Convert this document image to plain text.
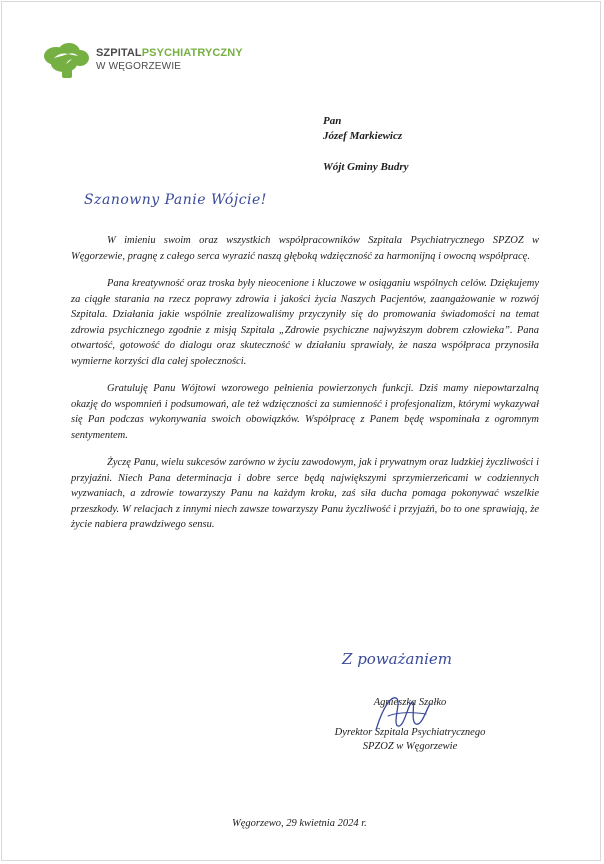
SZPITALPSYCHIATRYCZNY
W WĘGORZEWIE
Pan
Józef Markiewicz
Wójt Gminy Budry
Szanowny Panie Wójcie!

W imieniu swoim oraz wszystkich współpracowników Szpitala Psychiatrycznego SPZOZ w Węgorzewie, pragnę z całego serca wyrazić naszą głęboką wdzięczność za harmonijną i owocną współpracę.

Pana kreatywność oraz troska były nieocenione i kluczowe w osiąganiu wspólnych celów. Dziękujemy za ciągłe starania na rzecz poprawy zdrowia i jakości życia Naszych Pacjentów, zaangażowanie w rozwój Szpitala. Działania jakie wspólnie zrealizowaliśmy przyczyniły się do promowania świadomości na temat zdrowia psychicznego zgodnie z misją Szpitala „Zdrowie psychiczne najwyższym dobrem człowieka”. Pana otwartość, gotowość do dialogu oraz skuteczność w działaniu sprawiały, że nasza współpraca przynosiła wymierne korzyści dla całej społeczności.

Gratuluję Panu Wójtowi wzorowego pełnienia powierzonych funkcji. Dziś mamy niepowtarzalną okazję do wspomnień i podsumowań, ale też wdzięczności za sumienność i profesjonalizm, którymi wykazywał się Pan podczas wykonywania swoich obowiązków. Współpracę z Panem będę wspominała z ogromnym sentymentem.

Życzę Panu, wielu sukcesów zarówno w życiu zawodowym, jak i prywatnym oraz ludzkiej życzliwości i przyjaźni. Niech Pana determinacja i dobre serce będą największymi sprzymierzeńcami w codziennych wyzwaniach, a zdrowie towarzyszy Panu na każdym kroku, zaś siła ducha pomaga pokonywać wszelkie przeszkody. W relacjach z innymi niech zawsze towarzyszy Panu życzliwość i przyjaźń, bo to one sprawiają, że życie nabiera prawdziwego sensu.

Z poważaniem
Agnieszka Szałko
Dyrektor Szpitala Psychiatrycznego
SPZOZ w Węgorzewie
Węgorzewo, 29 kwietnia 2024 r.
